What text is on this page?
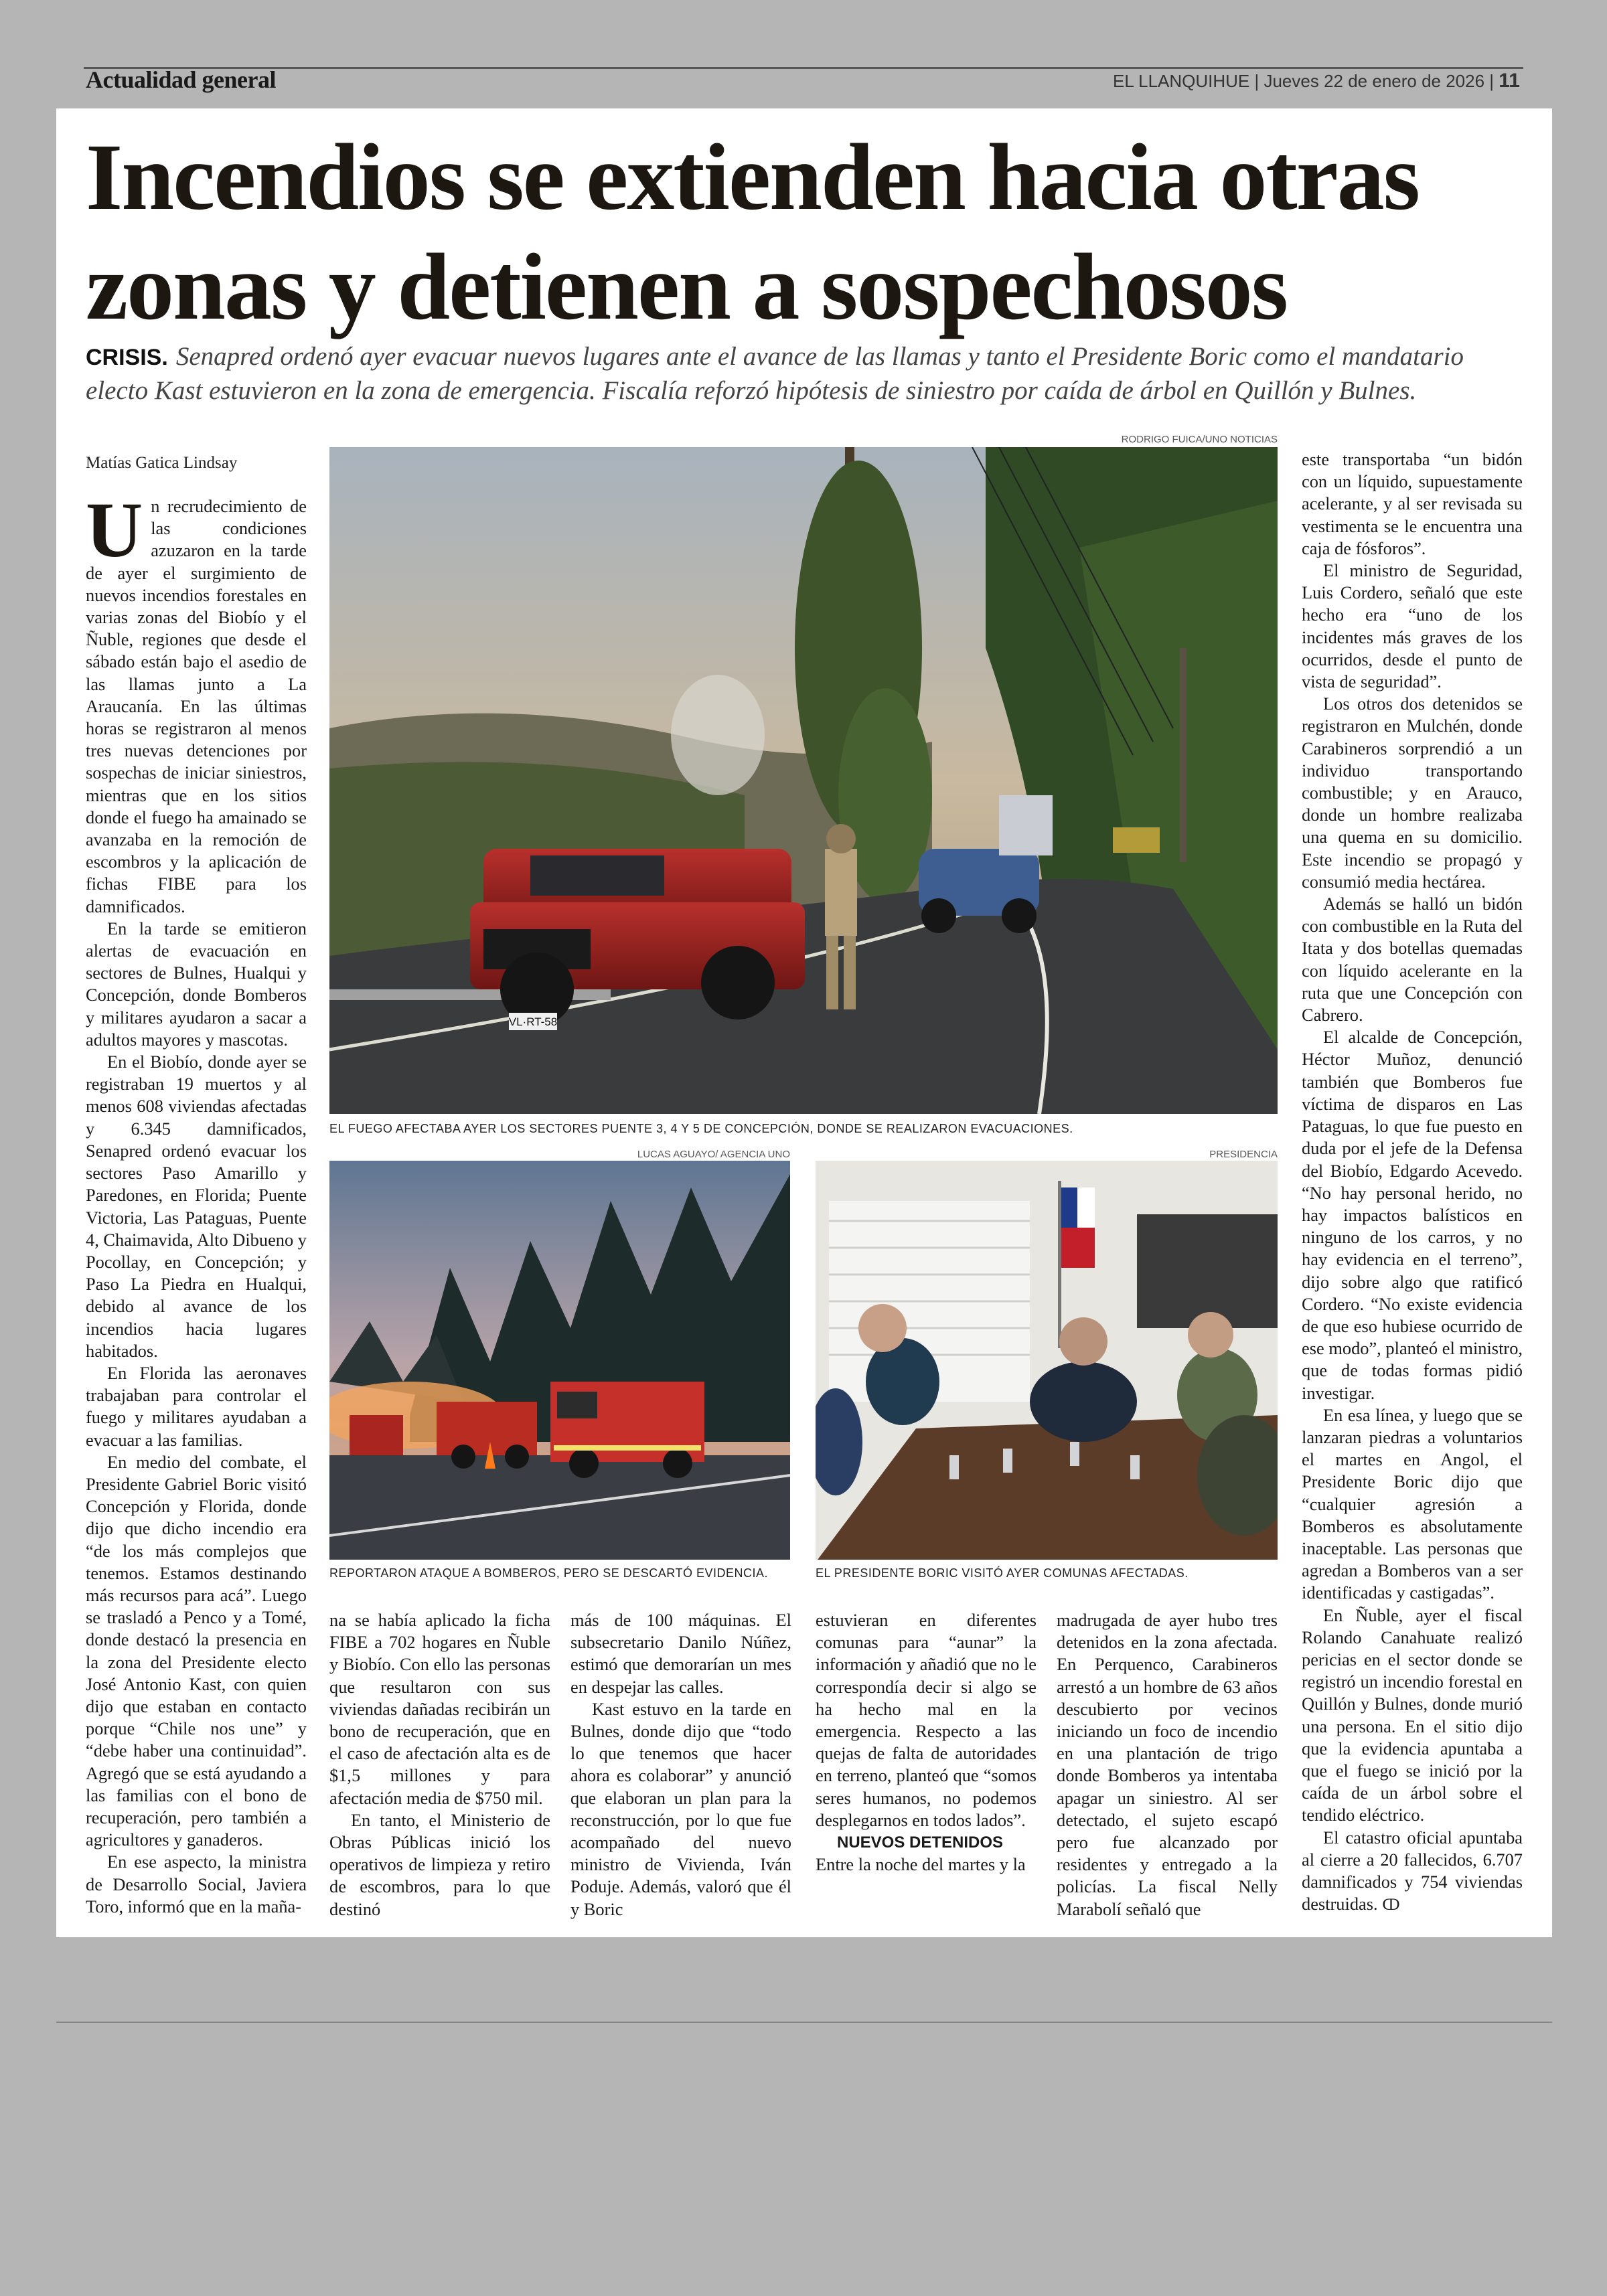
Actualidad general	EL LLANQUIHUE | Jueves 22 de enero de 2026 | 11
Incendios se extienden hacia otras zonas y detienen a sospechosos
CRISIS. Senapred ordenó ayer evacuar nuevos lugares ante el avance de las llamas y tanto el Presidente Boric como el mandatario electo Kast estuvieron en la zona de emergencia. Fiscalía reforzó hipótesis de siniestro por caída de árbol en Quillón y Bulnes.
Matías Gatica Lindsay

Un recrudecimiento de las condiciones azuzaron en la tarde de ayer el surgimiento de nuevos incendios forestales en varias zonas del Biobío y el Ñuble, regiones que desde el sábado están bajo el asedio de las llamas junto a La Araucanía. En las últimas horas se registraron al menos tres nuevas detenciones por sospechas de iniciar siniestros, mientras que en los sitios donde el fuego ha amainado se avanzaba en la remoción de escombros y la aplicación de fichas FIBE para los damnificados.

En la tarde se emitieron alertas de evacuación en sectores de Bulnes, Hualqui y Concepción, donde Bomberos y militares ayudaron a sacar a adultos mayores y mascotas.

En el Biobío, donde ayer se registraban 19 muertos y al menos 608 viviendas afectadas y 6.345 damnificados, Senapred ordenó evacuar los sectores Paso Amarillo y Paredones, en Florida; Puente Victoria, Las Pataguas, Puente 4, Chaimavida, Alto Dibueno y Pocollay, en Concepción; y Paso La Piedra en Hualqui, debido al avance de los incendios hacia lugares habitados.

En Florida las aeronaves trabajaban para controlar el fuego y militares ayudaban a evacuar a las familias.

En medio del combate, el Presidente Gabriel Boric visitó Concepción y Florida, donde dijo que dicho incendio era “de los más complejos que tenemos. Estamos destinando más recursos para acá”. Luego se trasladó a Penco y a Tomé, donde destacó la presencia en la zona del Presidente electo José Antonio Kast, con quien dijo que estaban en contacto porque “Chile nos une” y “debe haber una continuidad”. Agregó que se está ayudando a las familias con el bono de recuperación, pero también a agricultores y ganaderos.

En ese aspecto, la ministra de Desarrollo Social, Javiera Toro, informó que en la maña-

RODRIGO FUICA/UNO NOTICIAS
VL·RT-58
EL FUEGO AFECTABA AYER LOS SECTORES PUENTE 3, 4 Y 5 DE CONCEPCIÓN, DONDE SE REALIZARON EVACUACIONES.
LUCAS AGUAYO/ AGENCIA UNO
REPORTARON ATAQUE A BOMBEROS, PERO SE DESCARTÓ EVIDENCIA.
PRESIDENCIA
EL PRESIDENTE BORIC VISITÓ AYER COMUNAS AFECTADAS.

na se había aplicado la ficha FIBE a 702 hogares en Ñuble y Biobío. Con ello las personas que resultaron con sus viviendas dañadas recibirán un bono de recuperación, que en el caso de afectación alta es de $1,5 millones y para afectación media de $750 mil.

En tanto, el Ministerio de Obras Públicas inició los operativos de limpieza y retiro de escombros, para lo que destinó

más de 100 máquinas. El subsecretario Danilo Núñez, estimó que demorarían un mes en despejar las calles.

Kast estuvo en la tarde en Bulnes, donde dijo que “todo lo que tenemos que hacer ahora es colaborar” y anunció que elaboran un plan para la reconstrucción, por lo que fue acompañado del nuevo ministro de Vivienda, Iván Poduje. Además, valoró que él y Boric

estuvieran en diferentes comunas para “aunar” la información y añadió que no le correspondía decir si algo se ha hecho mal en la emergencia. Respecto a las quejas de falta de autoridades en terreno, planteó que “somos seres humanos, no podemos desplegarnos en todos lados”.

NUEVOS DETENIDOS

Entre la noche del martes y la

madrugada de ayer hubo tres detenidos en la zona afectada. En Perquenco, Carabineros arrestó a un hombre de 63 años descubierto por vecinos iniciando un foco de incendio en una plantación de trigo donde Bomberos ya intentaba apagar un siniestro. Al ser detectado, el sujeto escapó pero fue alcanzado por residentes y entregado a la policías. La fiscal Nelly Marabolí señaló que

este transportaba “un bidón con un líquido, supuestamente acelerante, y al ser revisada su vestimenta se le encuentra una caja de fósforos”.

El ministro de Seguridad, Luis Cordero, señaló que este hecho era “uno de los incidentes más graves de los ocurridos, desde el punto de vista de seguridad”.

Los otros dos detenidos se registraron en Mulchén, donde Carabineros sorprendió a un individuo transportando combustible; y en Arauco, donde un hombre realizaba una quema en su domicilio. Este incendio se propagó y consumió media hectárea.

Además se halló un bidón con combustible en la Ruta del Itata y dos botellas quemadas con líquido acelerante en la ruta que une Concepción con Cabrero.

El alcalde de Concepción, Héctor Muñoz, denunció también que Bomberos fue víctima de disparos en Las Pataguas, lo que fue puesto en duda por el jefe de la Defensa del Biobío, Edgardo Acevedo. “No hay personal herido, no hay impactos balísticos en ninguno de los carros, y no hay evidencia en el terreno”, dijo sobre algo que ratificó Cordero. “No existe evidencia de que eso hubiese ocurrido de ese modo”, planteó el ministro, que de todas formas pidió investigar.

En esa línea, y luego que se lanzaran piedras a voluntarios el martes en Angol, el Presidente Boric dijo que “cualquier agresión a Bomberos es absolutamente inaceptable. Las personas que agredan a Bomberos van a ser identificadas y castigadas”.

En Ñuble, ayer el fiscal Rolando Canahuate realizó pericias en el sector donde se registró un incendio forestal en Quillón y Bulnes, donde murió una persona. En el sitio dijo que la evidencia apuntaba a que el fuego se inició por la caída de un árbol sobre el tendido eléctrico.

El catastro oficial apuntaba al cierre a 20 fallecidos, 6.707 damnificados y 754 viviendas destruidas. ↀ
